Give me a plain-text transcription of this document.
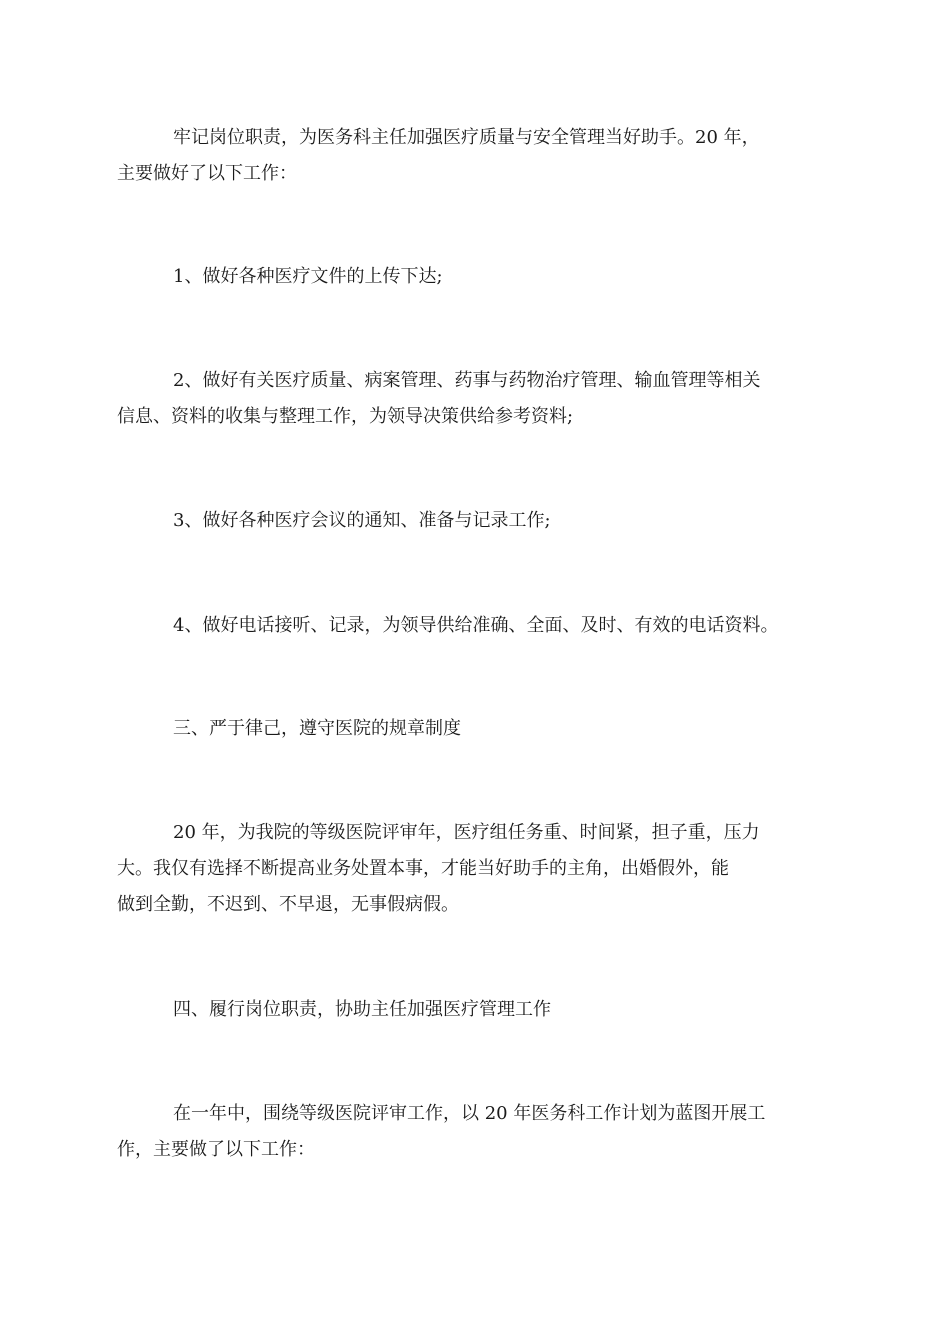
牢记岗位职责，为医务科主任加强医疗质量与安全管理当好助手。20 年，
主要做好了以下工作：

1、做好各种医疗文件的上传下达;

2、做好有关医疗质量、病案管理、药事与药物治疗管理、输血管理等相关
信息、资料的收集与整理工作，为领导决策供给参考资料;

3、做好各种医疗会议的通知、准备与记录工作;

4、做好电话接听、记录，为领导供给准确、全面、及时、有效的电话资料。

三、严于律己，遵守医院的规章制度

20 年，为我院的等级医院评审年，医疗组任务重、时间紧，担子重，压力
大。我仅有选择不断提高业务处置本事，才能当好助手的主角，出婚假外，能
做到全勤，不迟到、不早退，无事假病假。

四、履行岗位职责，协助主任加强医疗管理工作

在一年中，围绕等级医院评审工作，以 20 年医务科工作计划为蓝图开展工
作，主要做了以下工作：
